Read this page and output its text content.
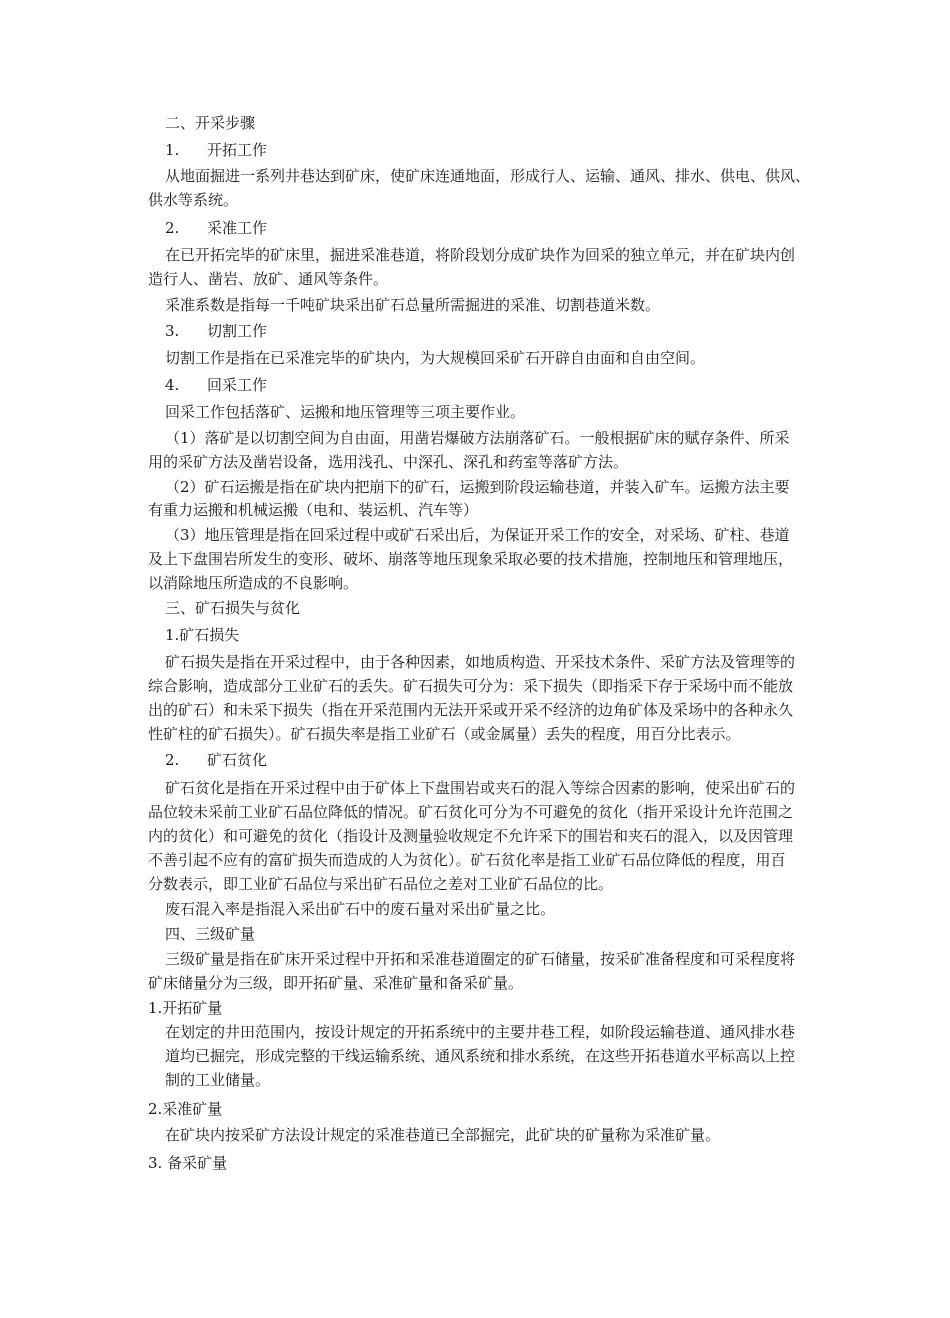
二、开采步骤
1. 开拓工作
从地面掘进一系列井巷达到矿床，使矿床连通地面，形成行人、运输、通风、排水、供电、供风、
供水等系统。
2. 采准工作
在已开拓完毕的矿床里，掘进采准巷道，将阶段划分成矿块作为回采的独立单元，并在矿块内创
造行人、凿岩、放矿、通风等条件。
采准系数是指每一千吨矿块采出矿石总量所需掘进的采准、切割巷道米数。
3. 切割工作
切割工作是指在已采准完毕的矿块内，为大规模回采矿石开辟自由面和自由空间。
4. 回采工作
回采工作包括落矿、运搬和地压管理等三项主要作业。
（1）落矿是以切割空间为自由面，用凿岩爆破方法崩落矿石。一般根据矿床的赋存条件、所采
用的采矿方法及凿岩设备，选用浅孔、中深孔、深孔和药室等落矿方法。
（2）矿石运搬是指在矿块内把崩下的矿石，运搬到阶段运输巷道，并装入矿车。运搬方法主要
有重力运搬和机械运搬（电和、装运机、汽车等）
（3）地压管理是指在回采过程中或矿石采出后，为保证开采工作的安全，对采场、矿柱、巷道
及上下盘围岩所发生的变形、破坏、崩落等地压现象采取必要的技术措施，控制地压和管理地压，
以消除地压所造成的不良影响。
三、矿石损失与贫化
1.矿石损失
矿石损失是指在开采过程中，由于各种因素，如地质构造、开采技术条件、采矿方法及管理等的
综合影响，造成部分工业矿石的丢失。矿石损失可分为：采下损失（即指采下存于采场中而不能放
出的矿石）和未采下损失（指在开采范围内无法开采或开采不经济的边角矿体及采场中的各种永久
性矿柱的矿石损失）。矿石损失率是指工业矿石（或金属量）丢失的程度，用百分比表示。
2. 矿石贫化
矿石贫化是指在开采过程中由于矿体上下盘围岩或夹石的混入等综合因素的影响，使采出矿石的
品位较未采前工业矿石品位降低的情况。矿石贫化可分为不可避免的贫化（指开采设计允许范围之
内的贫化）和可避免的贫化（指设计及测量验收规定不允许采下的围岩和夹石的混入，以及因管理
不善引起不应有的富矿损失而造成的人为贫化）。矿石贫化率是指工业矿石品位降低的程度，用百
分数表示，即工业矿石品位与采出矿石品位之差对工业矿石品位的比。
废石混入率是指混入采出矿石中的废石量对采出矿量之比。
四、三级矿量
三级矿量是指在矿床开采过程中开拓和采准巷道圈定的矿石储量，按采矿准备程度和可采程度将
矿床储量分为三级，即开拓矿量、采准矿量和备采矿量。
1.开拓矿量
在划定的井田范围内，按设计规定的开拓系统中的主要井巷工程，如阶段运输巷道、通风排水巷
道均已掘完，形成完整的干线运输系统、通风系统和排水系统，在这些开拓巷道水平标高以上控
制的工业储量。
2.采准矿量
在矿块内按采矿方法设计规定的采准巷道已全部掘完，此矿块的矿量称为采准矿量。
3. 备采矿量
